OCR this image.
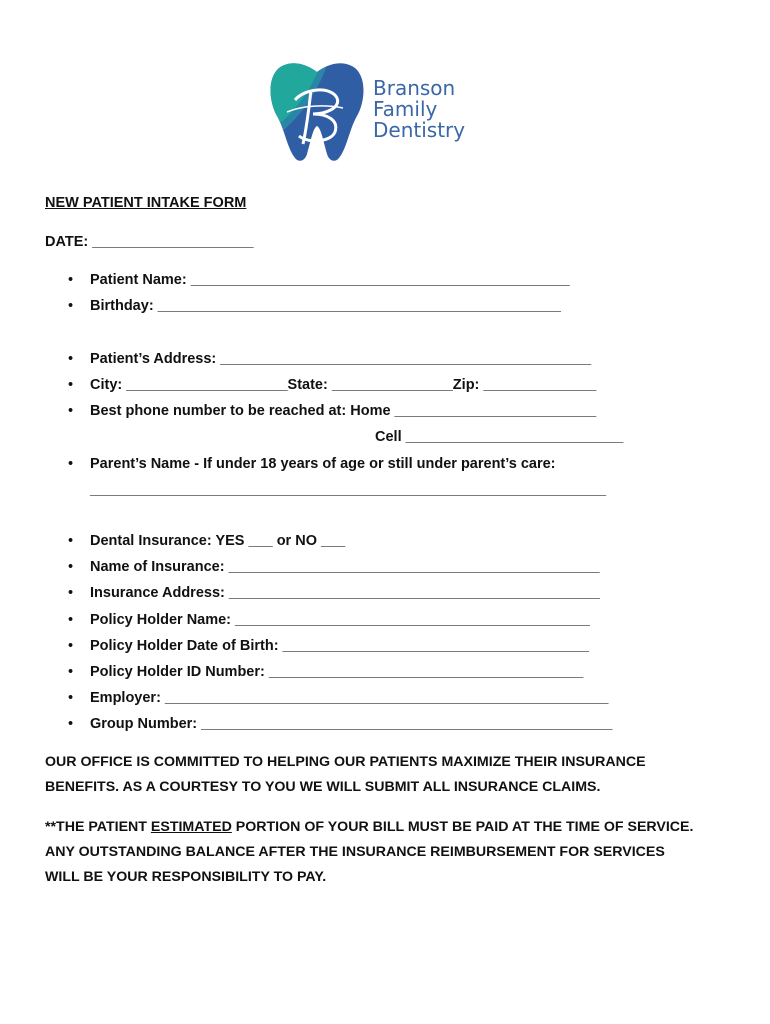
Branson
Family
Dentistry
NEW PATIENT INTAKE FORM
DATE: ____________________
• Patient Name: _______________________________________________
• Birthday: __________________________________________________
• Patient’s Address: ______________________________________________
• City: ____________________State: _______________Zip: ______________
• Best phone number to be reached at: Home _________________________
Cell ___________________________
• Parent’s Name - If under 18 years of age or still under parent’s care:
________________________________________________________________
• Dental Insurance: YES ___ or NO ___
• Name of Insurance: ______________________________________________
• Insurance Address: ______________________________________________
• Policy Holder Name: ____________________________________________
• Policy Holder Date of Birth: ______________________________________
• Policy Holder ID Number: _______________________________________
• Employer: _______________________________________________________
• Group Number: ___________________________________________________
OUR OFFICE IS COMMITTED TO HELPING OUR PATIENTS MAXIMIZE THEIR INSURANCE BENEFITS. AS A COURTESY TO YOU WE WILL SUBMIT ALL INSURANCE CLAIMS.
**THE PATIENT ESTIMATED PORTION OF YOUR BILL MUST BE PAID AT THE TIME OF SERVICE. ANY OUTSTANDING BALANCE AFTER THE INSURANCE REIMBURSEMENT FOR SERVICES WILL BE YOUR RESPONSIBILITY TO PAY.
